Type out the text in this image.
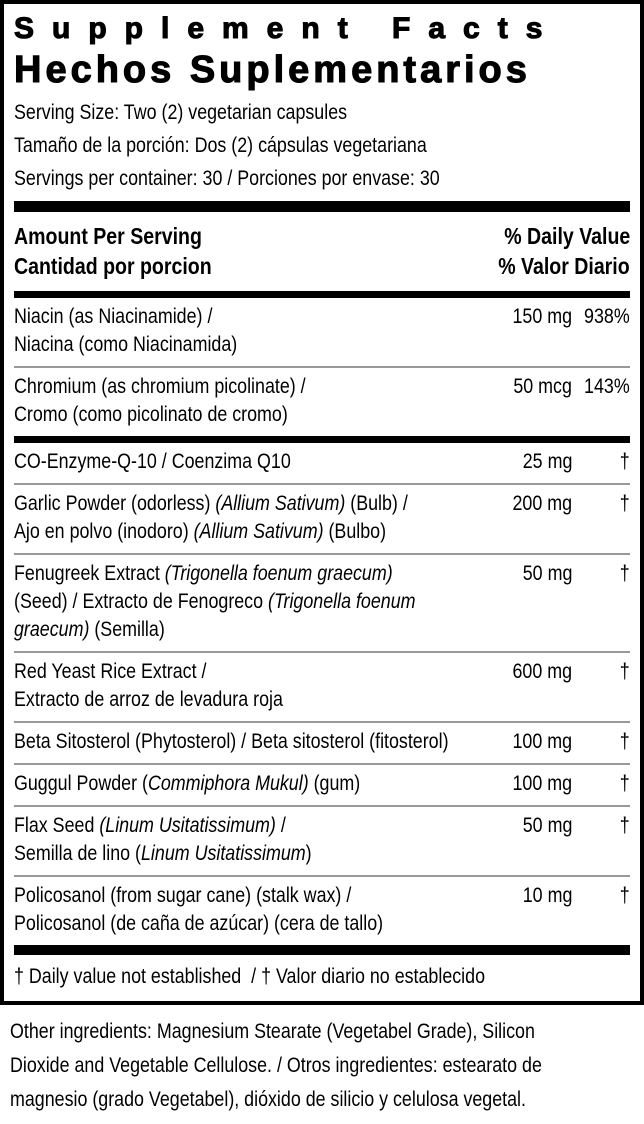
Supplement Facts
Hechos Suplementarios
Serving Size: Two (2) vegetarian capsules
Tamaño de la porción: Dos (2) cápsulas vegetariana
Servings per container: 30 / Porciones por envase: 30
Amount Per Serving
Cantidad por porcion
% Daily Value
% Valor Diario
Niacin (as Niacinamide) /
Niacina (como Niacinamida)
150 mg 938%
Chromium (as chromium picolinate) /
Cromo (como picolinato de cromo)
50 mcg 143%
CO-Enzyme-Q-10 / Coenzima Q10	25 mg	†
Garlic Powder (odorless) (Allium Sativum) (Bulb) /
Ajo en polvo (inodoro) (Allium Sativum) (Bulbo)
200 mg	†
Fenugreek Extract (Trigonella foenum graecum)
(Seed) / Extracto de Fenogreco (Trigonella foenum
graecum) (Semilla)
50 mg	†
Red Yeast Rice Extract /
Extracto de arroz de levadura roja
600 mg	†
Beta Sitosterol (Phytosterol) / Beta sitosterol (fitosterol)	100 mg	†
Guggul Powder (Commiphora Mukul) (gum)	100 mg	†
Flax Seed (Linum Usitatissimum) /
Semilla de lino (Linum Usitatissimum)
50 mg	†
Policosanol (from sugar cane) (stalk wax) /
Policosanol (de caña de azúcar) (cera de tallo)
10 mg	†
† Daily value not established  / † Valor diario no establecido
Other ingredients: Magnesium Stearate (Vegetabel Grade), Silicon
Dioxide and Vegetable Cellulose. / Otros ingredientes: estearato de
magnesio (grado Vegetabel), dióxido de silicio y celulosa vegetal.
